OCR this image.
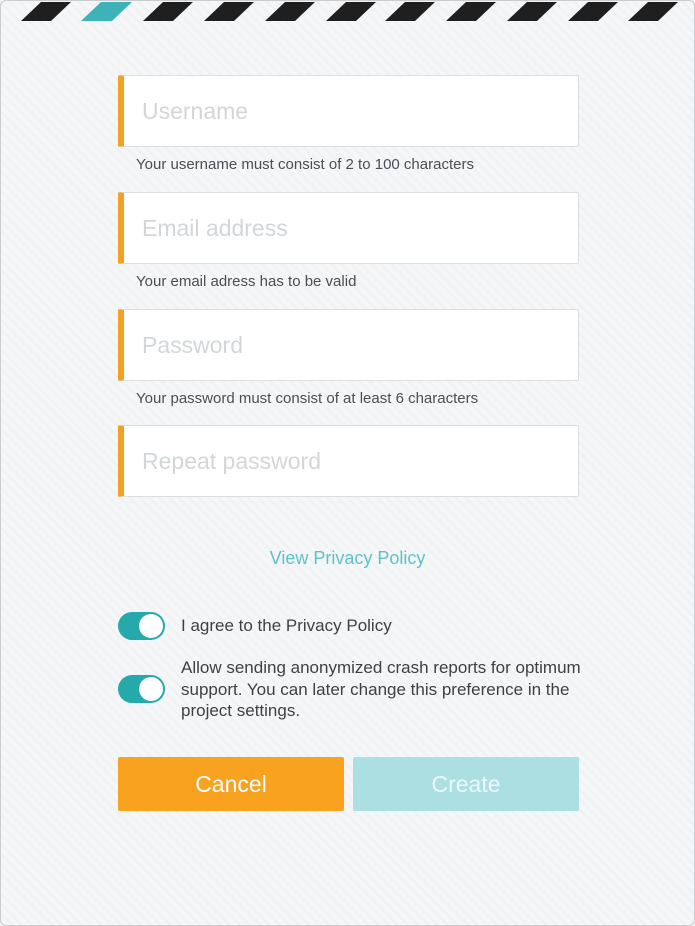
Username
Your username must consist of 2 to 100 characters
Email address
Your email adress has to be valid
Your password must consist of at least 6 characters
View Privacy Policy
I agree to the Privacy Policy
Allow sending anonymized crash reports for optimum support. You can later change this preference in the project settings.
Cancel	Create
